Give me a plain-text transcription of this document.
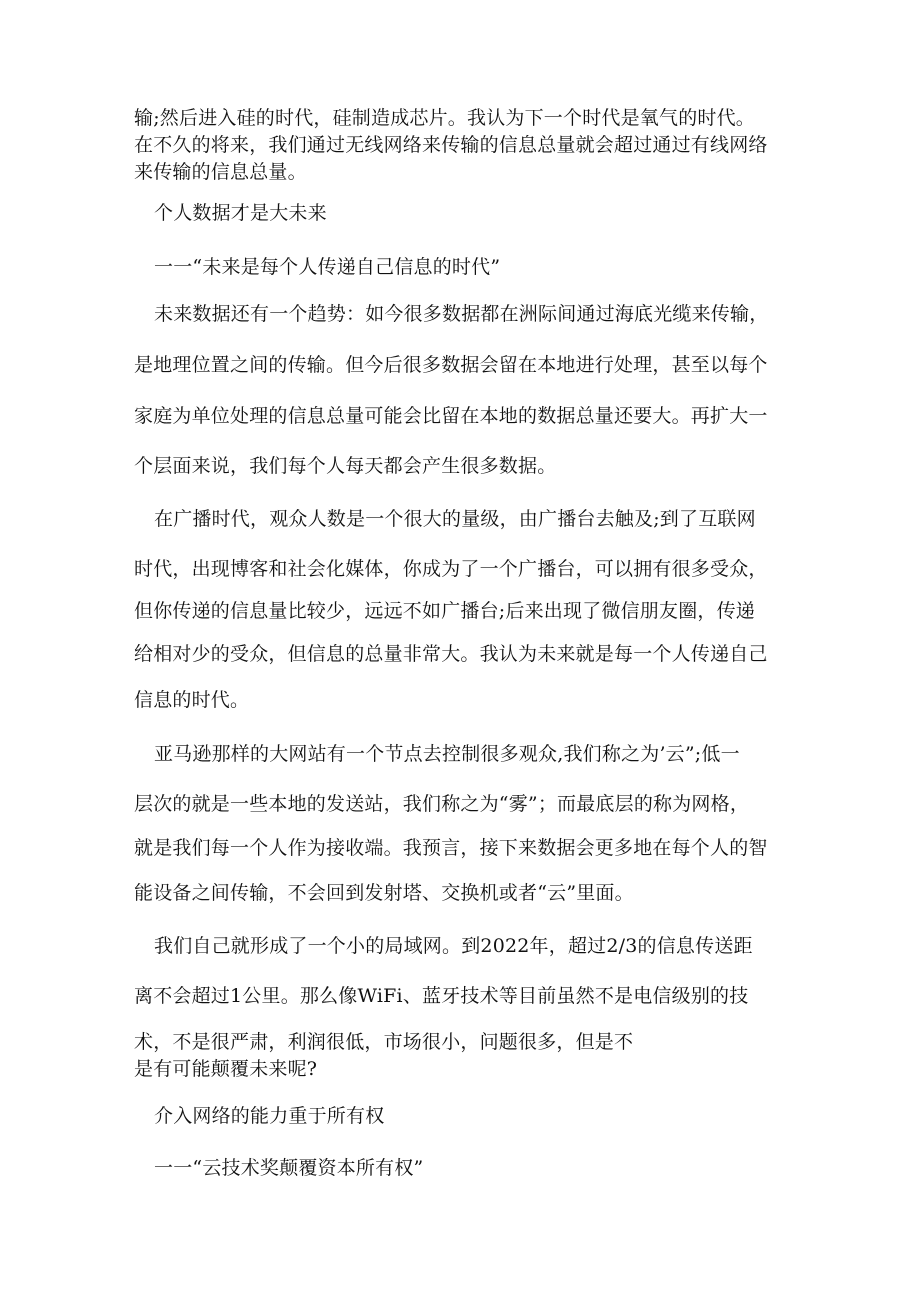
输;然后进入硅的时代，硅制造成芯片。我认为下一个时代是氧气的时代。
在不久的将来，我们通过无线网络来传输的信息总量就会超过通过有线网络
来传输的信息总量。
个人数据才是大未来
一一“未来是每个人传递自己信息的时代”
未来数据还有一个趋势：如今很多数据都在洲际间通过海底光缆来传输，
是地理位置之间的传输。但今后很多数据会留在本地进行处理，甚至以每个
家庭为单位处理的信息总量可能会比留在本地的数据总量还要大。再扩大一
个层面来说，我们每个人每天都会产生很多数据。
在广播时代，观众人数是一个很大的量级，由广播台去触及;到了互联网
时代，出现博客和社会化媒体，你成为了一个广播台，可以拥有很多受众，
但你传递的信息量比较少，远远不如广播台;后来出现了微信朋友圈，传递
给相对少的受众，但信息的总量非常大。我认为未来就是每一个人传递自己
信息的时代。
亚马逊那样的大网站有一个节点去控制很多观众,我们称之为’云”;低一
层次的就是一些本地的发送站，我们称之为“雾”；而最底层的称为网格，
就是我们每一个人作为接收端。我预言，接下来数据会更多地在每个人的智
能设备之间传输，不会回到发射塔、交换机或者“云”里面。
我们自己就形成了一个小的局域网。到2022年，超过2/3的信息传送距
离不会超过1公里。那么像WiFi、蓝牙技术等目前虽然不是电信级别的技
术，不是很严肃，利润很低，市场很小，问题很多，但是不
是有可能颠覆未来呢?
介入网络的能力重于所有权
一一“云技术奖颠覆资本所有权”
